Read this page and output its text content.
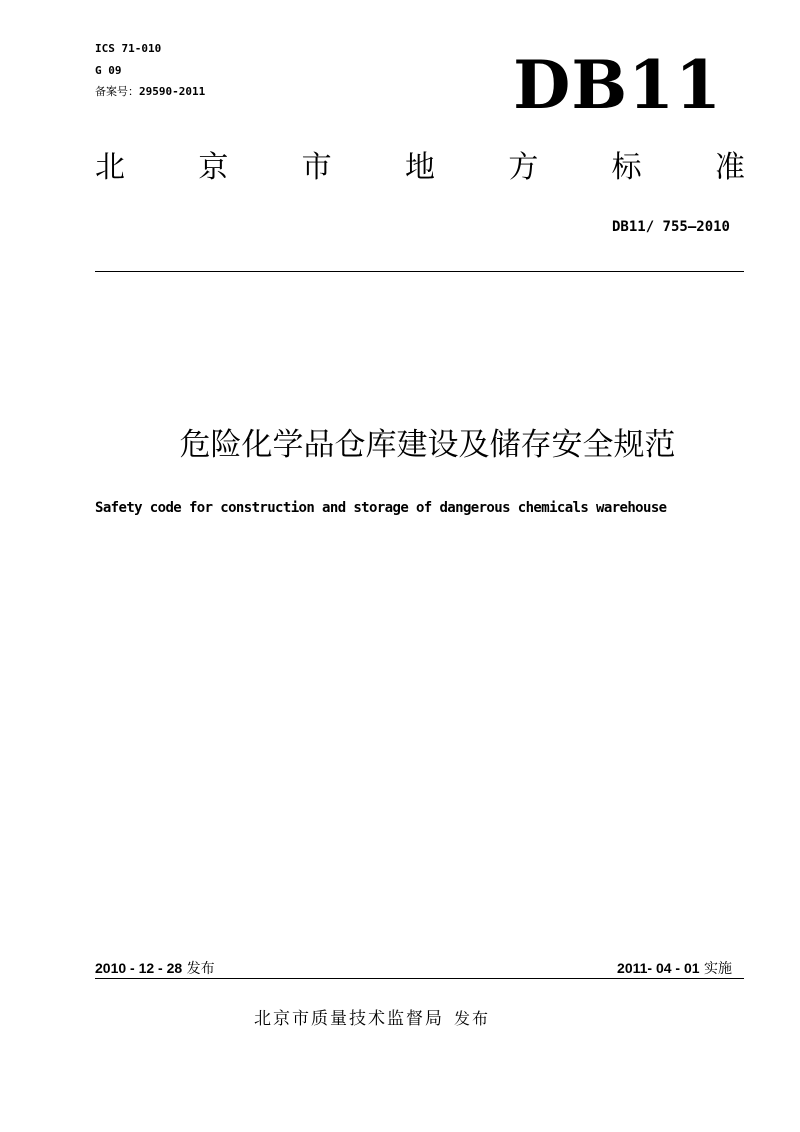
ICS 71-010
G 09
备案号：29590-2011	DB11
北 京 市 地 方 标 准
DB11/ 755—2010
危险化学品仓库建设及储存安全规范
Safety code for construction and storage of dangerous chemicals warehouse
2010 - 12 - 28 发布	2011- 04 - 01 实施
北京市质量技术监督局 发布
